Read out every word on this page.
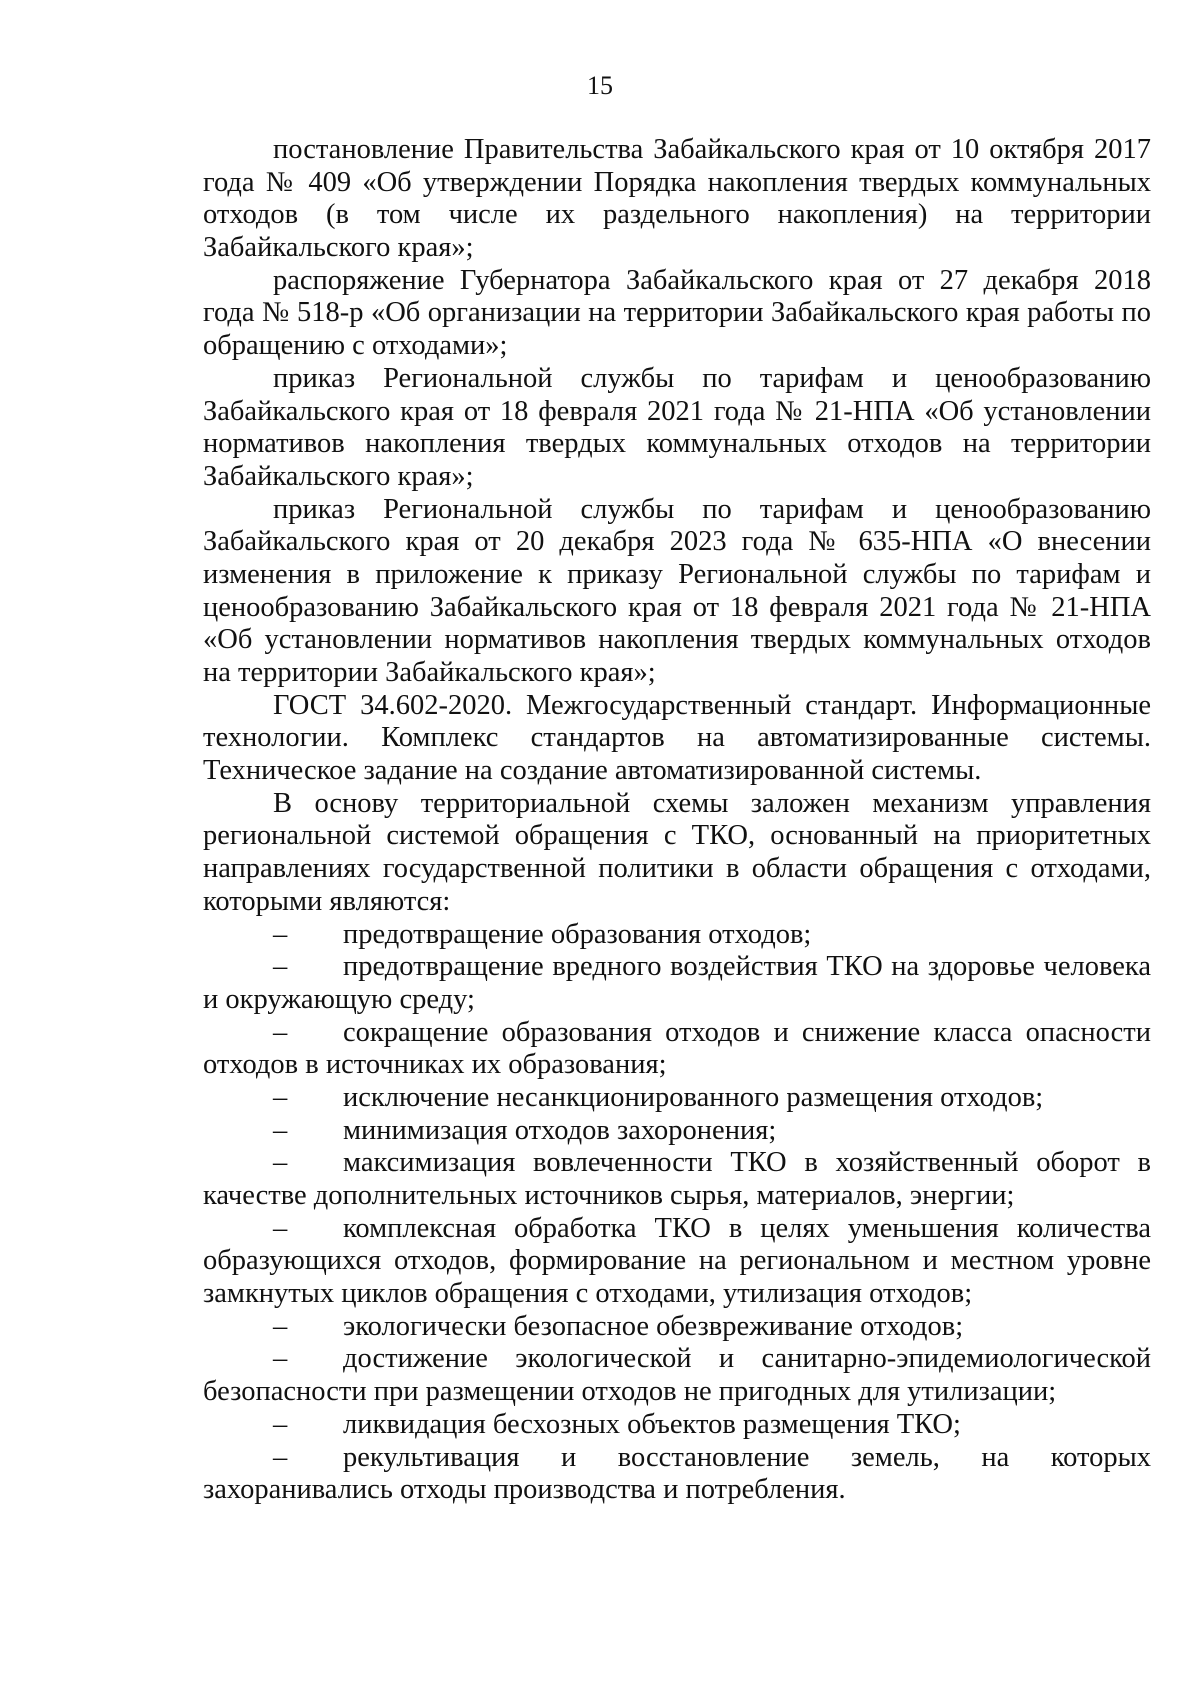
15
постановление Правительства Забайкальского края от 10 октября 2017
года № 409 «Об утверждении Порядка накопления твердых коммунальных
отходов (в том числе их раздельного накопления) на территории
Забайкальского края»;
распоряжение Губернатора Забайкальского края от 27 декабря 2018
года № 518-р «Об организации на территории Забайкальского края работы по
обращению с отходами»;
приказ Региональной службы по тарифам и ценообразованию
Забайкальского края от 18 февраля 2021 года № 21-НПА «Об установлении
нормативов накопления твердых коммунальных отходов на территории
Забайкальского края»;
приказ Региональной службы по тарифам и ценообразованию
Забайкальского края от 20 декабря 2023 года № 635-НПА «О внесении
изменения в приложение к приказу Региональной службы по тарифам и
ценообразованию Забайкальского края от 18 февраля 2021 года № 21-НПА
«Об установлении нормативов накопления твердых коммунальных отходов
на территории Забайкальского края»;
ГОСТ 34.602-2020. Межгосударственный стандарт. Информационные
технологии. Комплекс стандартов на автоматизированные системы.
Техническое задание на создание автоматизированной системы.
В основу территориальной схемы заложен механизм управления
региональной системой обращения с ТКО, основанный на приоритетных
направлениях государственной политики в области обращения с отходами,
которыми являются:
–	предотвращение образования отходов;
–	предотвращение вредного воздействия ТКО на здоровье человека
и окружающую среду;
–	сокращение образования отходов и снижение класса опасности
отходов в источниках их образования;
–	исключение несанкционированного размещения отходов;
–	минимизация отходов захоронения;
–	максимизация вовлеченности ТКО в хозяйственный оборот в
качестве дополнительных источников сырья, материалов, энергии;
–	комплексная обработка ТКО в целях уменьшения количества
образующихся отходов, формирование на региональном и местном уровне
замкнутых циклов обращения с отходами, утилизация отходов;
–	экологически безопасное обезвреживание отходов;
–	достижение экологической и санитарно-эпидемиологической
безопасности при размещении отходов не пригодных для утилизации;
–	ликвидация бесхозных объектов размещения ТКО;
–	рекультивация и восстановление земель, на которых
захоранивались отходы производства и потребления.
